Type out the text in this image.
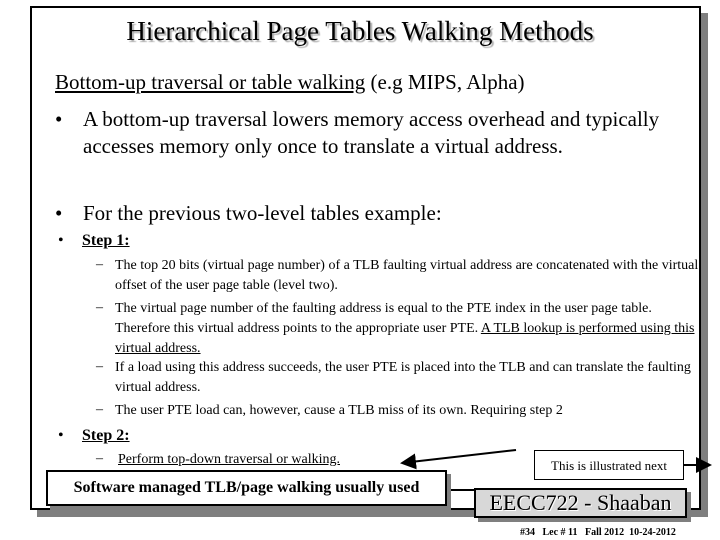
Hierarchical Page Tables Walking Methods
Bottom-up traversal or table walking (e.g MIPS, Alpha)
• A bottom-up traversal lowers memory access overhead and typically accesses memory only once to translate a virtual address.
• For the previous two-level tables example:
• Step 1:
– The top 20 bits (virtual page number) of a TLB faulting virtual address are concatenated with the virtual offset of the user page table (level two).
– The virtual page number of the faulting address is equal to the PTE index in the user page table. Therefore this virtual address points to the appropriate user PTE. A TLB lookup is performed using this virtual address.
– If a load using this address succeeds, the user PTE is placed into the TLB and can translate the faulting virtual address.
– The user PTE load can, however, cause a TLB miss of its own. Requiring step 2
• Step 2:
– Perform top-down traversal or walking.	This is illustrated next
Software managed TLB/page walking usually used
EECC722 - Shaaban
#34   Lec # 11   Fall 2012  10-24-2012
